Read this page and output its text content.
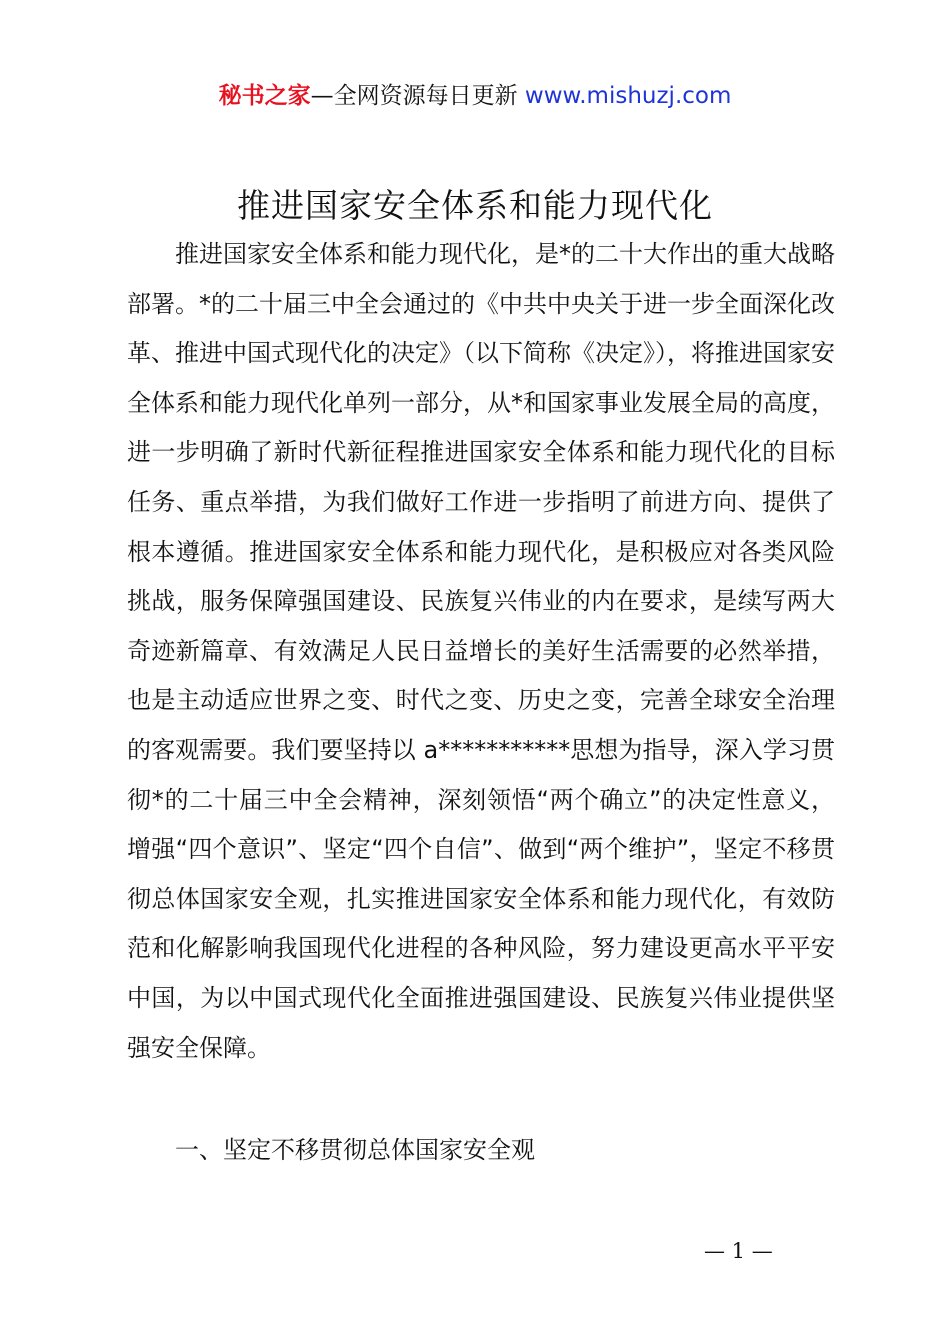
秘书之家—全网资源每日更新 www.mishuzj.com
推进国家安全体系和能力现代化

推进国家安全体系和能力现代化，是*的二十大作出的重大战略部署。*的二十届三中全会通过的《中共中央关于进一步全面深化改革、推进中国式现代化的决定》（以下简称《决定》），将推进国家安全体系和能力现代化单列一部分，从*和国家事业发展全局的高度，进一步明确了新时代新征程推进国家安全体系和能力现代化的目标任务、重点举措，为我们做好工作进一步指明了前进方向、提供了根本遵循。推进国家安全体系和能力现代化，是积极应对各类风险挑战，服务保障强国建设、民族复兴伟业的内在要求，是续写两大奇迹新篇章、有效满足人民日益增长的美好生活需要的必然举措，也是主动适应世界之变、时代之变、历史之变，完善全球安全治理的客观需要。我们要坚持以 a***********思想为指导，深入学习贯彻*的二十届三中全会精神，深刻领悟“两个确立”的决定性意义，增强“四个意识”、坚定“四个自信”、做到“两个维护”，坚定不移贯彻总体国家安全观，扎实推进国家安全体系和能力现代化，有效防范和化解影响我国现代化进程的各种风险，努力建设更高水平平安中国，为以中国式现代化全面推进强国建设、民族复兴伟业提供坚强安全保障。

一、坚定不移贯彻总体国家安全观

— 1 —
